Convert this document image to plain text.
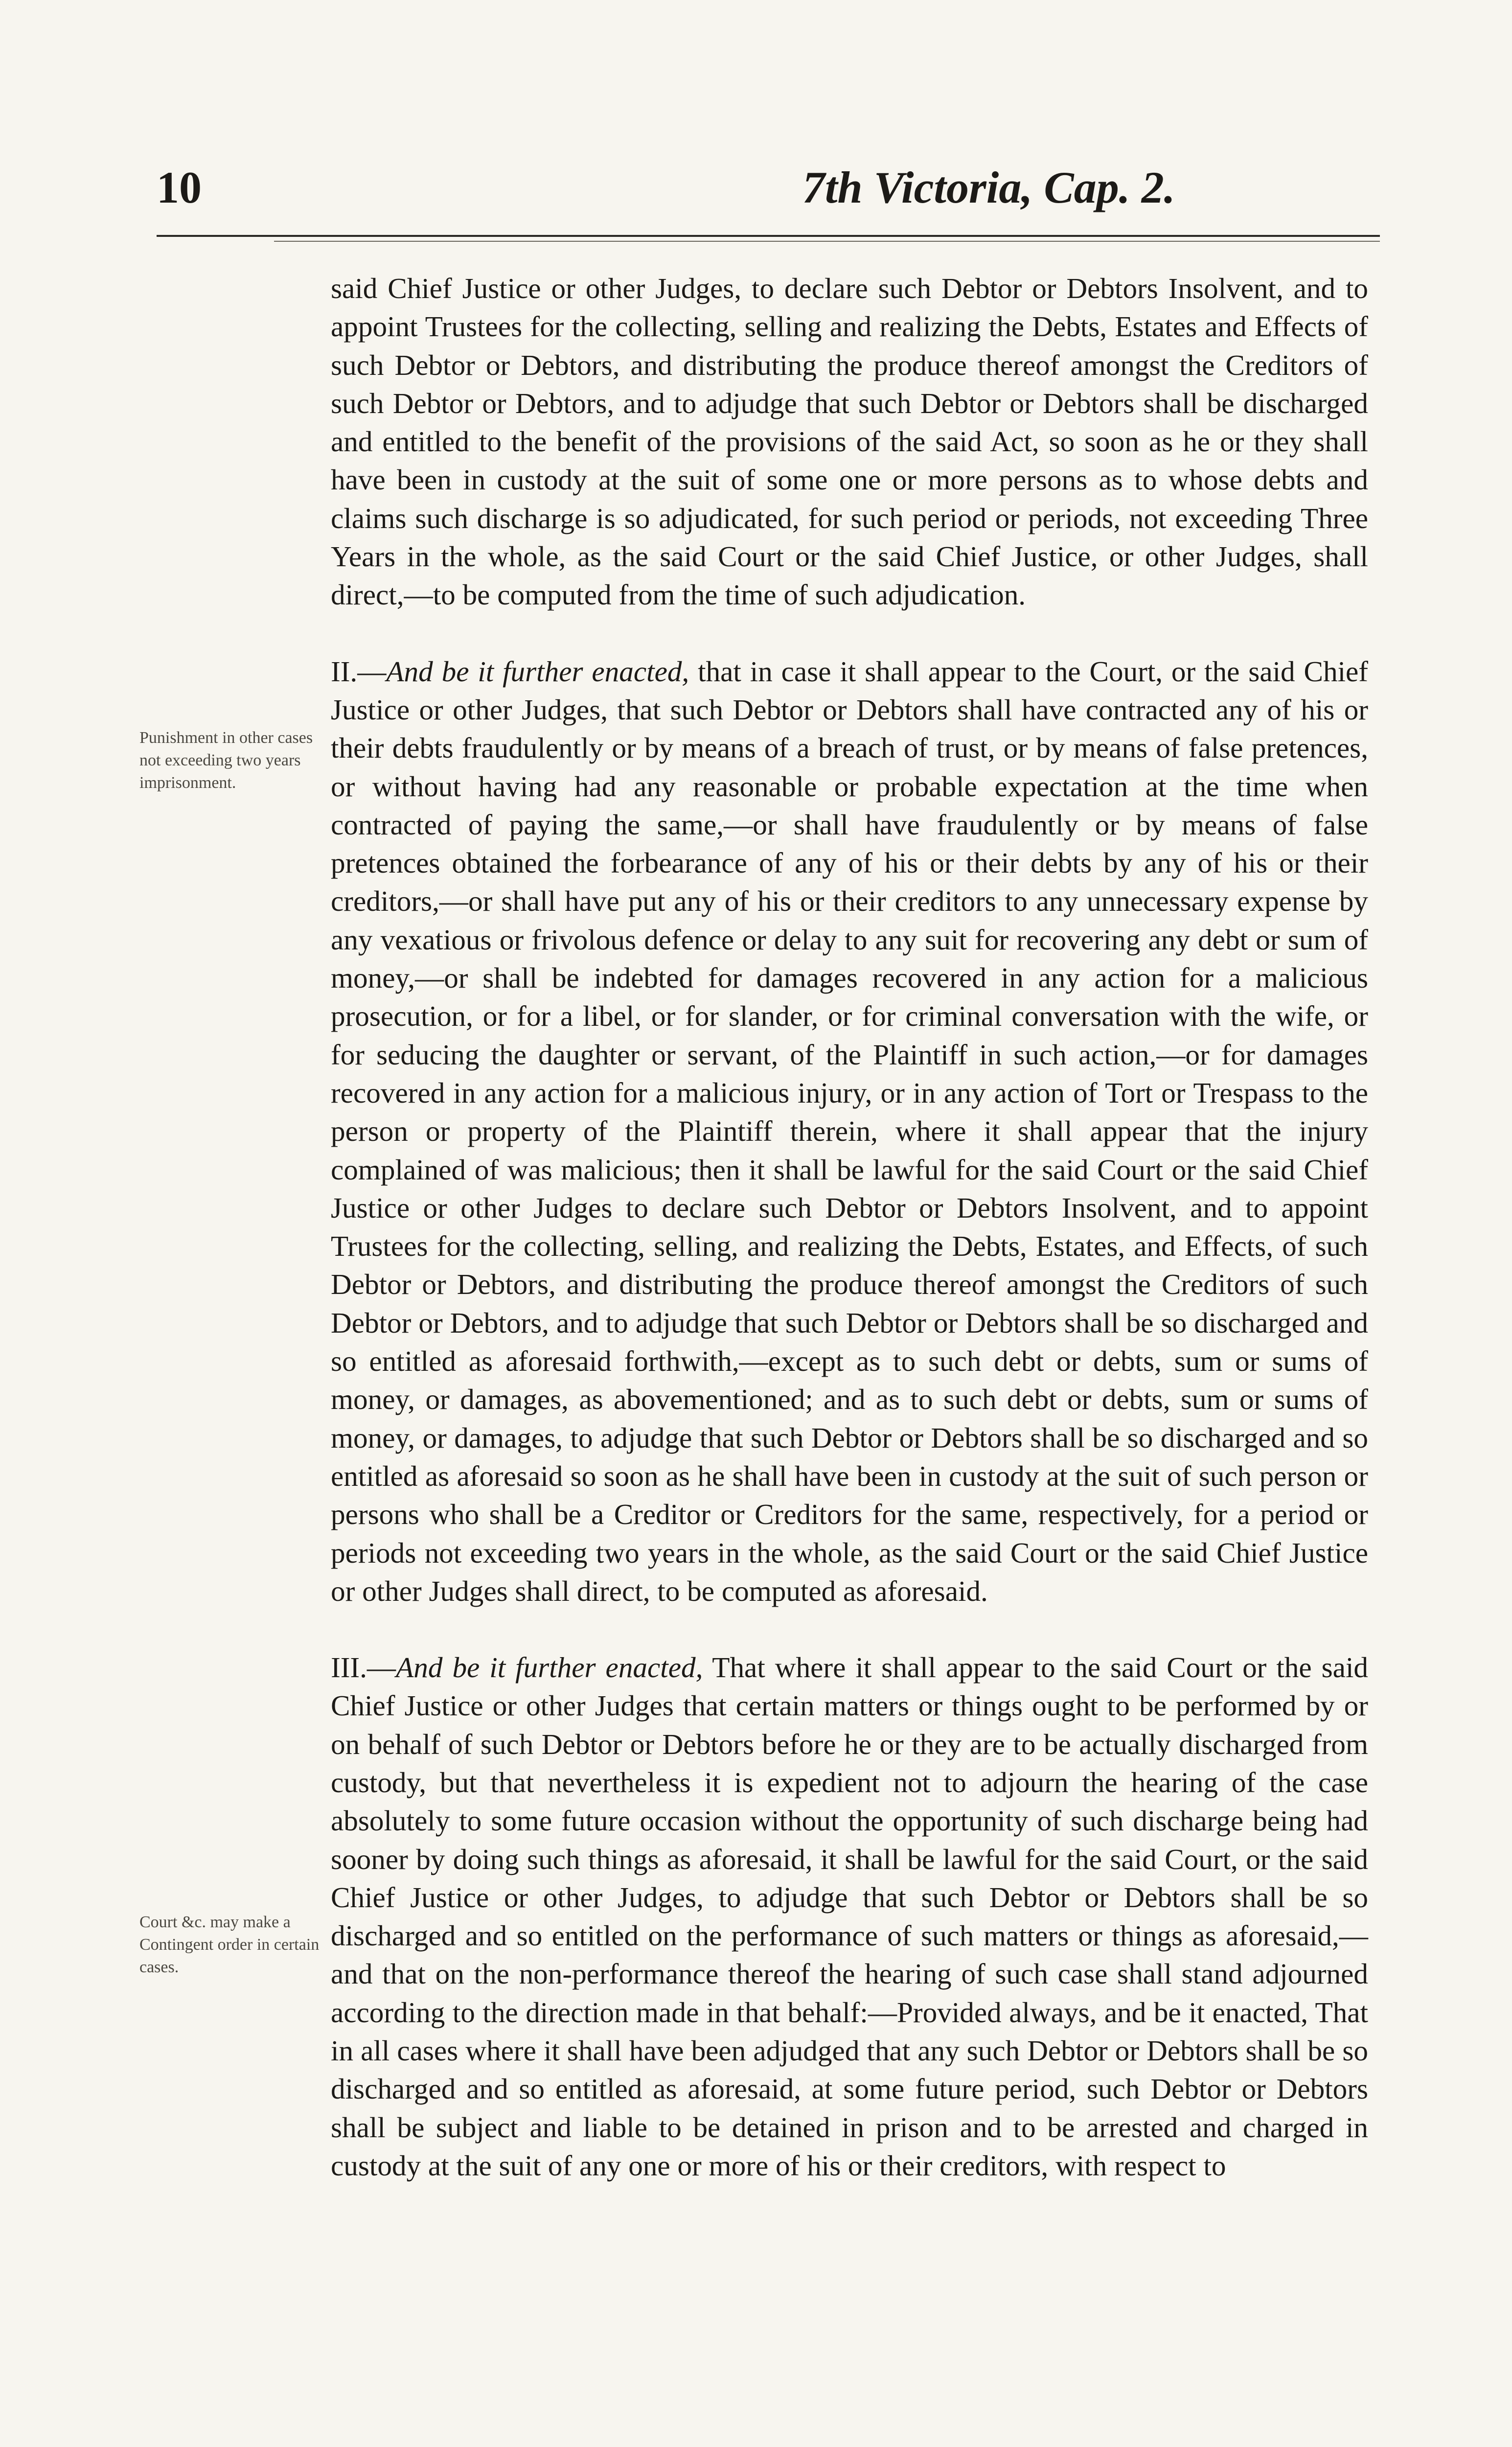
10	7th Victoria, Cap. 2.
Punishment in other cases not exceeding two years imprisonment.
Court &c. may make a Contingent order in certain cases.

said Chief Justice or other Judges, to declare such Debtor or Debtors Insolvent, and to appoint Trustees for the collecting, selling and realizing the Debts, Estates and Effects of such Debtor or Debtors, and distributing the produce thereof amongst the Creditors of such Debtor or Debtors, and to adjudge that such Debtor or Debtors shall be discharged and entitled to the benefit of the provisions of the said Act, so soon as he or they shall have been in custody at the suit of some one or more persons as to whose debts and claims such discharge is so adjudicated, for such period or periods, not exceeding Three Years in the whole, as the said Court or the said Chief Justice, or other Judges, shall direct,—to be computed from the time of such adjudication.

II.—And be it further enacted, that in case it shall appear to the Court, or the said Chief Justice or other Judges, that such Debtor or Debtors shall have contracted any of his or their debts fraudulently or by means of a breach of trust, or by means of false pretences, or without having had any reasonable or probable expectation at the time when contracted of paying the same,—or shall have fraudulently or by means of false pretences obtained the forbearance of any of his or their debts by any of his or their creditors,—or shall have put any of his or their creditors to any unnecessary expense by any vexatious or frivolous defence or delay to any suit for recovering any debt or sum of money,—or shall be indebted for damages recovered in any action for a malicious prosecution, or for a libel, or for slander, or for criminal conversation with the wife, or for seducing the daughter or servant, of the Plaintiff in such action,—or for damages recovered in any action for a malicious injury, or in any action of Tort or Trespass to the person or property of the Plaintiff therein, where it shall appear that the injury complained of was malicious; then it shall be lawful for the said Court or the said Chief Justice or other Judges to declare such Debtor or Debtors Insolvent, and to appoint Trustees for the collecting, selling, and realizing the Debts, Estates, and Effects, of such Debtor or Debtors, and distributing the produce thereof amongst the Creditors of such Debtor or Debtors, and to adjudge that such Debtor or Debtors shall be so discharged and so entitled as aforesaid forthwith,—except as to such debt or debts, sum or sums of money, or damages, as abovementioned; and as to such debt or debts, sum or sums of money, or damages, to adjudge that such Debtor or Debtors shall be so discharged and so entitled as aforesaid so soon as he shall have been in custody at the suit of such person or persons who shall be a Creditor or Creditors for the same, respectively, for a period or periods not exceeding two years in the whole, as the said Court or the said Chief Justice or other Judges shall direct, to be computed as aforesaid.

III.—And be it further enacted, That where it shall appear to the said Court or the said Chief Justice or other Judges that certain matters or things ought to be performed by or on behalf of such Debtor or Debtors before he or they are to be actually discharged from custody, but that nevertheless it is expedient not to adjourn the hearing of the case absolutely to some future occasion without the opportunity of such discharge being had sooner by doing such things as aforesaid, it shall be lawful for the said Court, or the said Chief Justice or other Judges, to adjudge that such Debtor or Debtors shall be so discharged and so entitled on the performance of such matters or things as aforesaid,—and that on the non-performance thereof the hearing of such case shall stand adjourned according to the direction made in that behalf:—Provided always, and be it enacted, That in all cases where it shall have been adjudged that any such Debtor or Debtors shall be so discharged and so entitled as aforesaid, at some future period, such Debtor or Debtors shall be subject and liable to be detained in prison and to be arrested and charged in custody at the suit of any one or more of his or their creditors, with respect to
